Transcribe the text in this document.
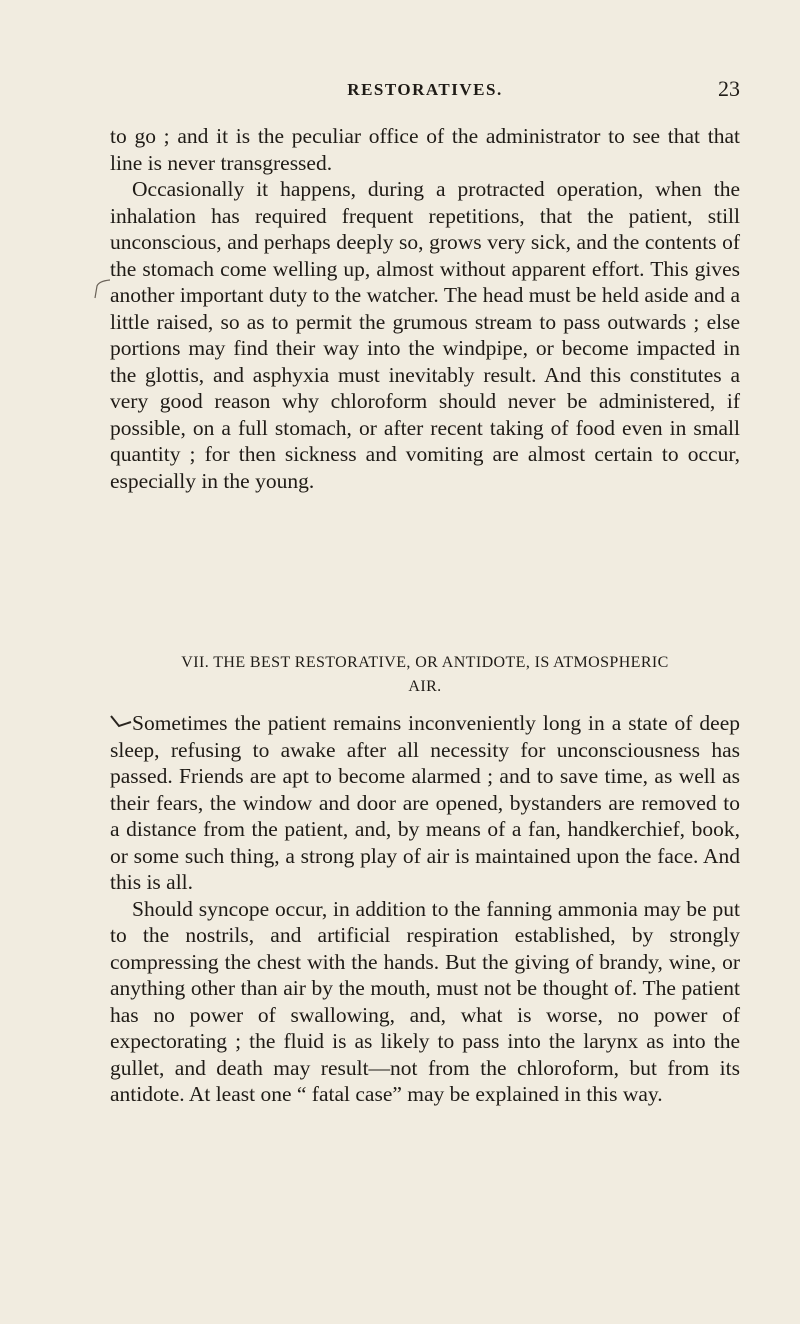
RESTORATIVES.	23

to go ; and it is the peculiar office of the administrator to see that that line is never transgressed.

Occasionally it happens, during a protracted operation, when the inhalation has required frequent repetitions, that the patient, still unconscious, and perhaps deeply so, grows very sick, and the contents of the stomach come welling up, almost without apparent effort. This gives another important duty to the watcher. The head must be held aside and a little raised, so as to permit the grumous stream to pass outwards ; else portions may find their way into the windpipe, or become impacted in the glottis, and asphyxia must inevitably result. And this constitutes a very good reason why chloroform should never be administered, if possible, on a full stomach, or after recent taking of food even in small quantity ; for then sickness and vomiting are almost certain to occur, especially in the young.

VII. THE BEST RESTORATIVE, OR ANTIDOTE, IS ATMOSPHERIC
AIR.

Sometimes the patient remains inconveniently long in a state of deep sleep, refusing to awake after all necessity for unconsciousness has passed. Friends are apt to become alarmed ; and to save time, as well as their fears, the window and door are opened, bystanders are removed to a distance from the patient, and, by means of a fan, handkerchief, book, or some such thing, a strong play of air is maintained upon the face. And this is all.

Should syncope occur, in addition to the fanning ammonia may be put to the nostrils, and artificial respiration established, by strongly compressing the chest with the hands. But the giving of brandy, wine, or anything other than air by the mouth, must not be thought of. The patient has no power of swallowing, and, what is worse, no power of expectorating ; the fluid is as likely to pass into the larynx as into the gullet, and death may result—not from the chloroform, but from its antidote. At least one “ fatal case” may be explained in this way.
